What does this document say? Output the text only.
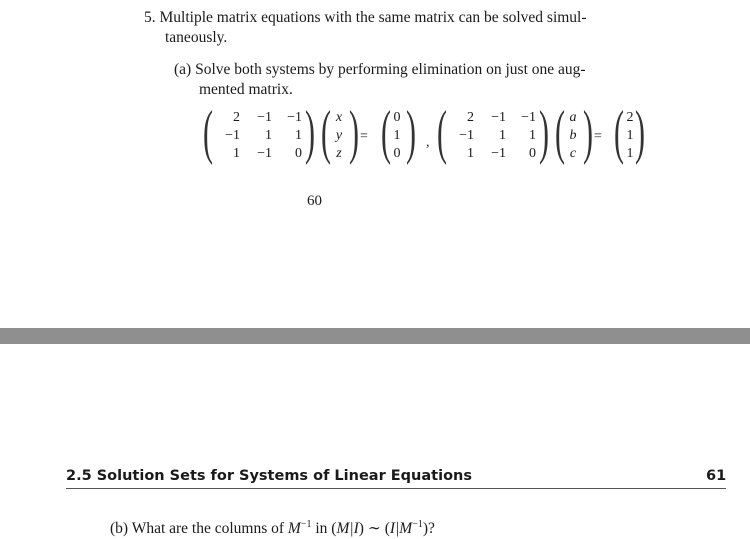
5. Multiple matrix equations with the same matrix can be solved simul-
taneously.
(a) Solve both systems by performing elimination on just one aug-
mented matrix.
(	2	−1	−1
−1	1	1
1	−1	0 ) ( x
y
z ) = ( 0
1
0 ) , (	2	−1	−1
−1	1	1
1	−1	0 ) ( a
b
c ) = ( 2
1
1 )
60
2.5 Solution Sets for Systems of Linear Equations	61
(b) What are the columns of $M^{-1}$ in (M|I) ∼ $(I|M^{-1})$?
